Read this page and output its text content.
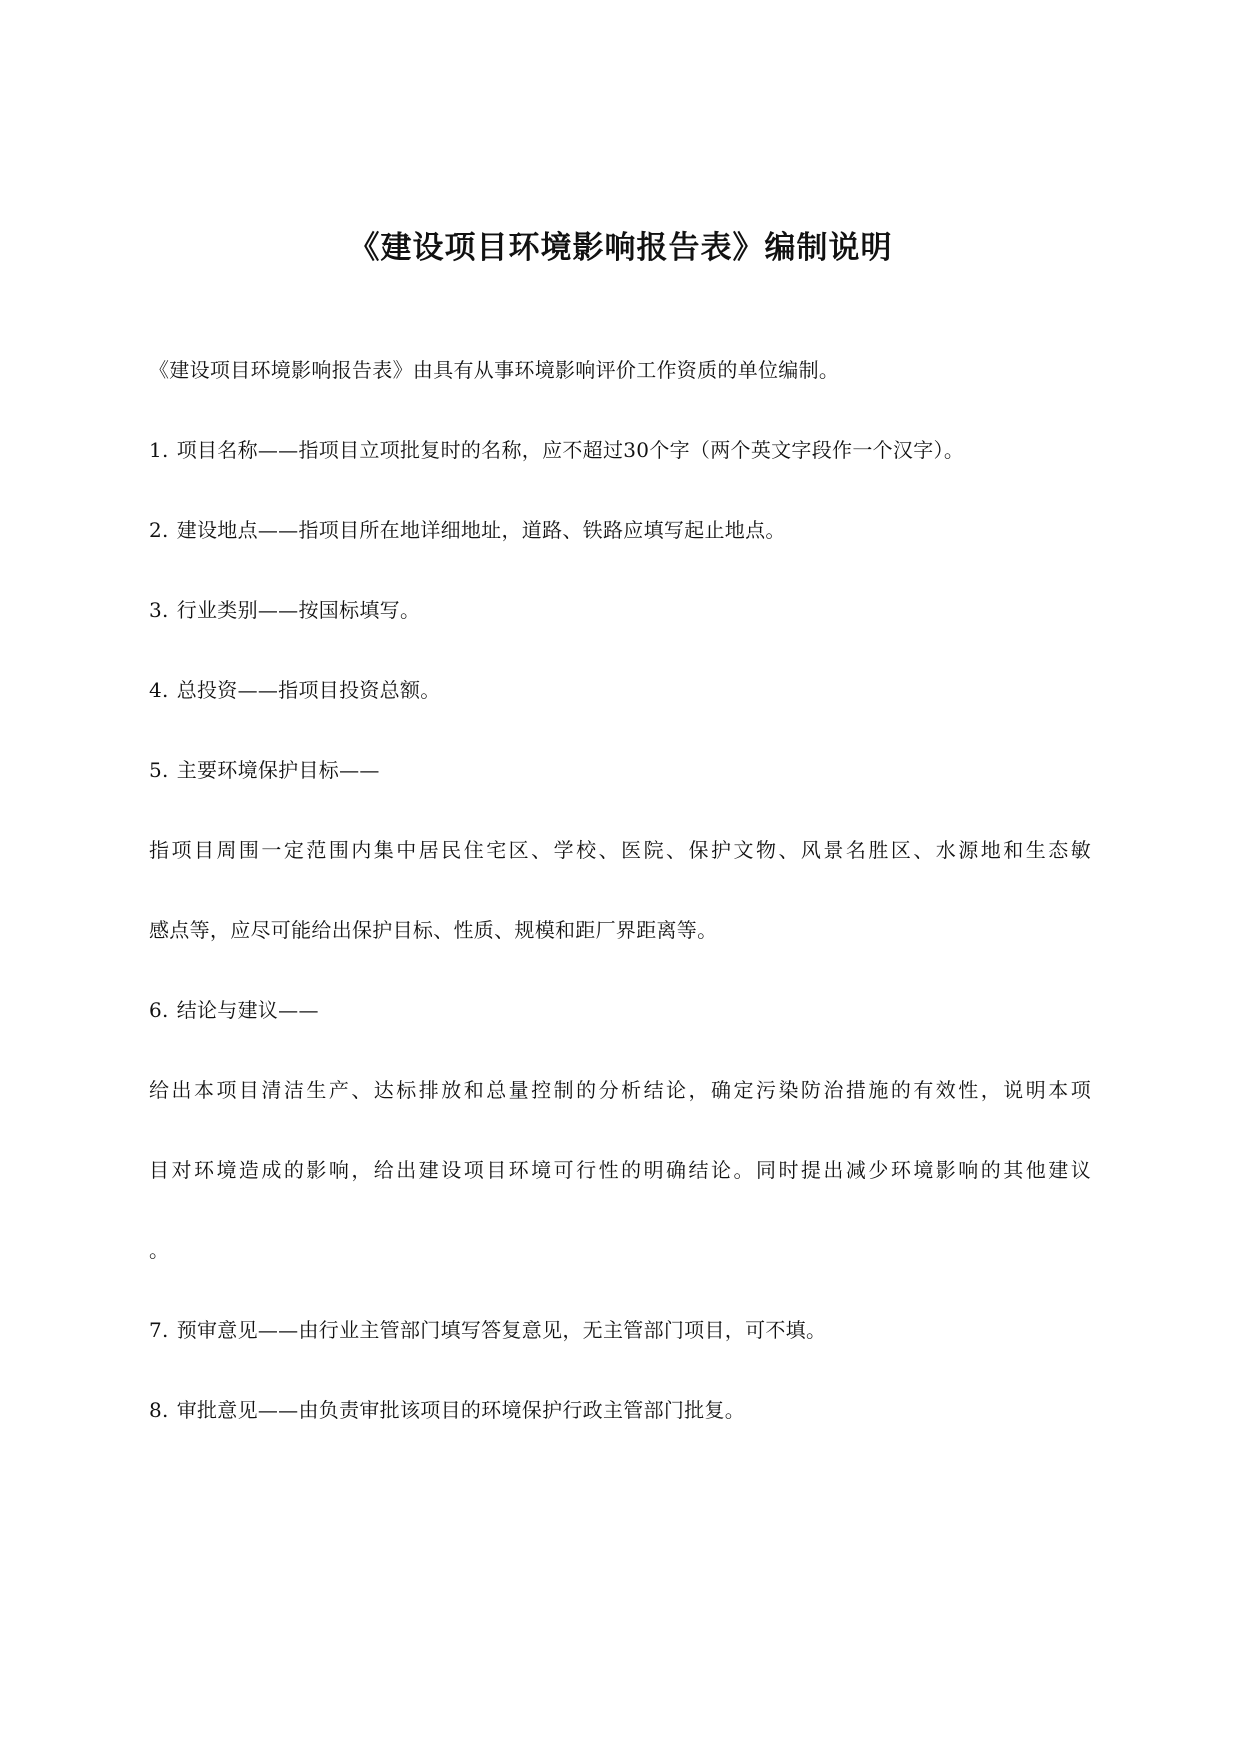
《建设项目环境影响报告表》编制说明
《建设项目环境影响报告表》由具有从事环境影响评价工作资质的单位编制。
1. 项目名称——指项目立项批复时的名称，应不超过30个字（两个英文字段作一个汉字）。
2. 建设地点——指项目所在地详细地址，道路、铁路应填写起止地点。
3. 行业类别——按国标填写。
4. 总投资——指项目投资总额。
5. 主要环境保护目标——
指项目周围一定范围内集中居民住宅区、学校、医院、保护文物、风景名胜区、水源地和生态敏
感点等，应尽可能给出保护目标、性质、规模和距厂界距离等。
6. 结论与建议——
给出本项目清洁生产、达标排放和总量控制的分析结论，确定污染防治措施的有效性，说明本项
目对环境造成的影响，给出建设项目环境可行性的明确结论。同时提出减少环境影响的其他建议
。
7. 预审意见——由行业主管部门填写答复意见，无主管部门项目，可不填。
8. 审批意见——由负责审批该项目的环境保护行政主管部门批复。
